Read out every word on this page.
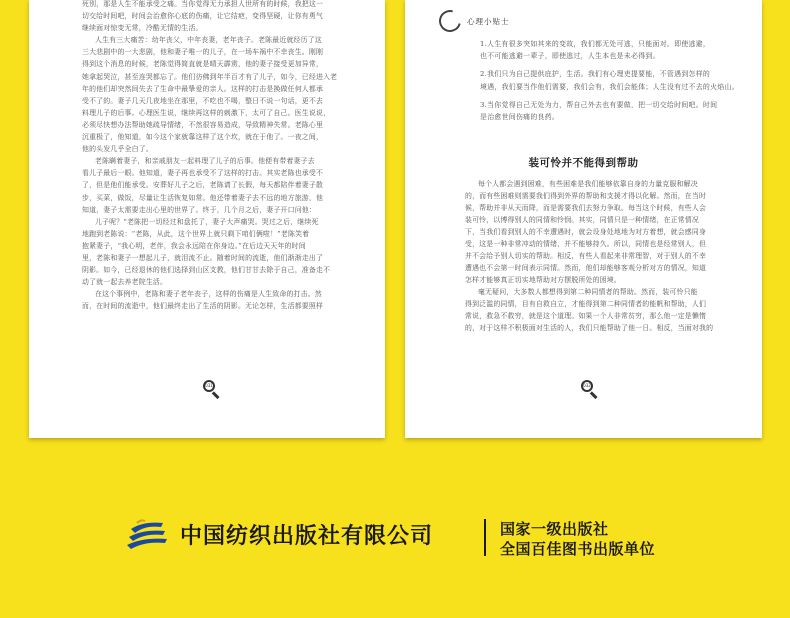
死别，那是人生不能承受之痛。当你觉得无力承担人世所有的时候，我把这一

切交给时间吧，时间会治愈你心底的伤痛，让它结疤，变得坚硬，让你有勇气

继续面对惊变无常，冷酷无情的生活。

人生有三大痛苦：幼年丧父，中年丧妻，老年丧子。老陈最近就经历了这

三大悲剧中的一大悲剧，他和妻子唯一的儿子，在一场车祸中不幸丧生。刚刚

得到这个消息的时候，老陈觉得简直就是晴天霹雳，他的妻子接受更加异常，

她拿起哭泣，甚至连哭都忘了。他们彷佛到年半百才有了儿子，如今，已经进入老

年的他们却突然间失去了生命中最挚爱的亲人。这样的打击是换做任何人都承

受不了的。妻子几天几夜地坐在那里，不吃也不喝，整日不说一句话，更不去

料理儿子的后事。心理医生说，继续再这样的刺激下，太可了自己。医生说说，

必须尽快想办法帮助她疏导情绪，不然很容易造成，导致精神失常。老陈心里

沉重极了，他知道，如今这个家就靠这样了这个坎，就在于他了。一夜之间，

他的头发几乎全白了。

老陈瞒着妻子，和亲戚朋友一起料理了儿子的后事。他便有带着妻子去

看儿子最后一眼。他知道，妻子再也承受不了这样的打击。其实老陈也承受不

了，但是他们能承受。安葬好儿子之后，老陈请了长假，每天都陪伴着妻子散

步，买菜，做饭，尽量让生活恢复如常。他还带着妻子去不远的地方旅游，他

知道，妻子太需要走出心里的世界了。终于，几个月之后，妻子开口问他：

儿子呢？”老陈把一切经过和盘托了，妻子大声痛哭。哭过之后，继续死

地跑到老陈说：“老陈，从此，这个世界上就只剩下咱们俩啦！”老陈笑着

抱紧妻子，“我心明，老伴，我会永远陪在你身边。”在后边天天年的时间

里，老陈和妻子一想起儿子，就泪流不止。随着时间的流逝，他们渐渐走出了

阴影。如今，已经退休的他们选择到山区支教，他们甘甘去除于自己，准备走不

动了就一起去养老院生活。

在这个事例中，老陈和妻子老年丧子，这样的伤痛是人生致命的打击。然

而，在时间的流逝中，他们最终走出了生活的阴影。无论怎样，生活都要照样

031
心理小贴士

1.人生有很多突如其来的变故，我们都无处可逃，只能面对。即使逃避，

也不可能逃避一辈子，即使逃过，人生本也是未必得到。

2.我们只为自己提供庇护，生活。我们有心理吏提要能，不管遇到怎样的

境遇，我们要当作他们需要，我们会有，我们会能体；人生没有过不去的火焰山。

3.当你觉得自己无处为力，帮自己外去也有要做，把一切交给时间吧。时间

是治愈世间伤痛的良药。

装可怜并不能得到帮助

每个人都会遇到困难，有些困难是我们能够依靠自身的力量克服和解决

的，而有些困难则需要我们得到外界的帮助和支援才得以化解。然而，在当时

候，帮助并非从天而降，而是需要我们去努力争取。每当这个时候，有些人会

装可怜，以博得别人的同情和怜悯。其实，同情只是一种情绪，在正常情况

下，当我们看到别人的不幸遭遇时，就会设身处地地为对方着想，就会感同身

受，这是一种非常冲动的情绪，并不能够持久。所以，同情也是经常别人，但

并不会给予别人切实的帮助。相反，有些人看起来非常理智，对于别人的不幸

遭遇也不会第一时间表示同情。然而，他们却能够客观分析对方的情况，知道

怎样才能够真正切实地帮助对方摆脱所处的困境。

毫无疑问，大多数人都想得到第二种同情者的帮助。然而，装可怜只能

得到泛滥的同情，目有自救自立，才能得到第二种同情者的能帆和帮助，人们

常说，救急不救穷，就是这个道理。如果一个人非常贫穷，那么他一定是懒惰

的，对于这样不积极面对生活的人，我们只能帮助了他一日。相反，当面对我的

032
中国纺织出版社有限公司	国家一级出版社
全国百佳图书出版单位
